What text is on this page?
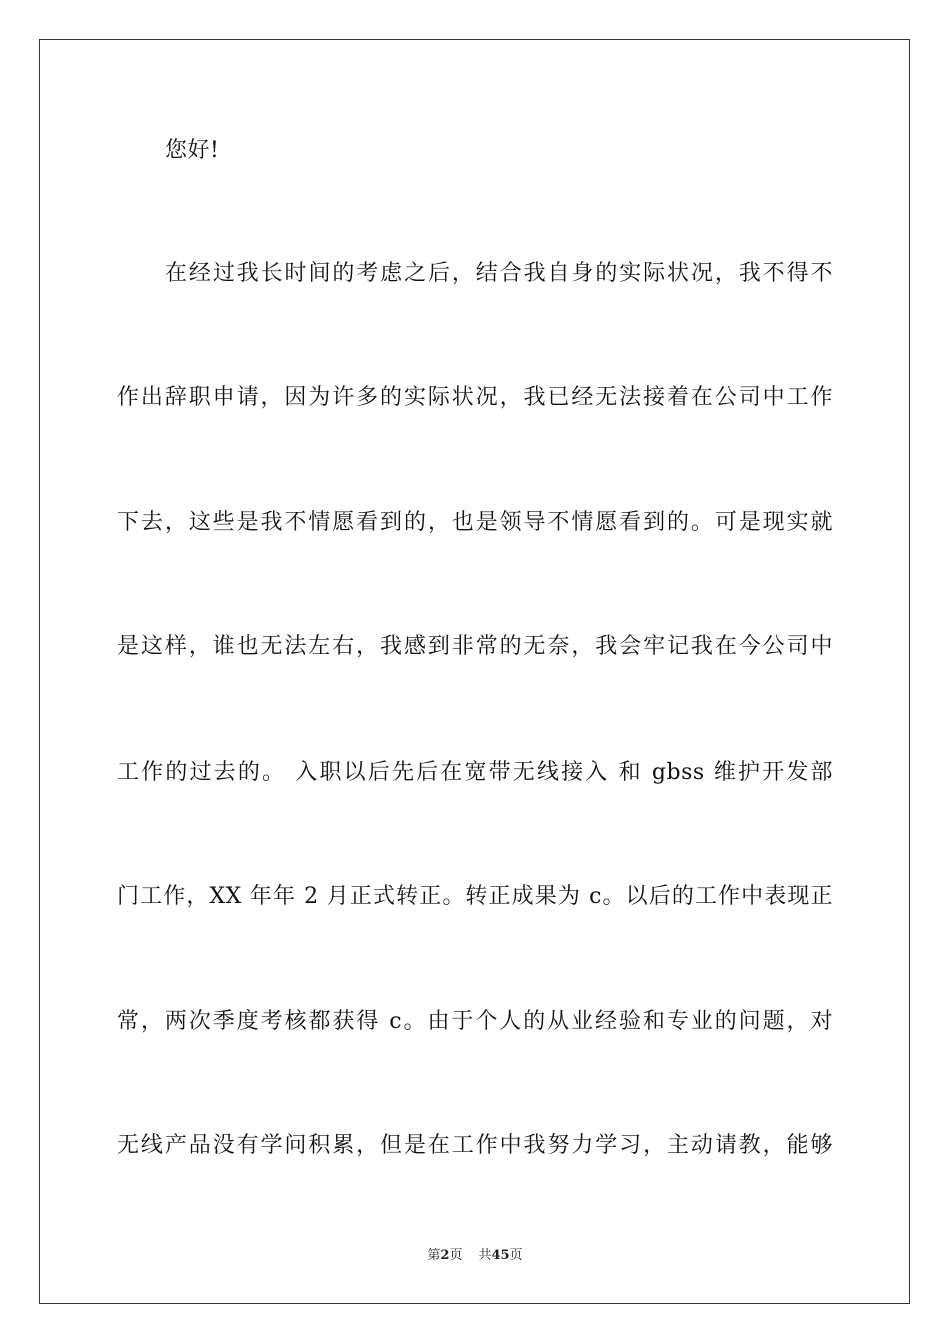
您好!
在经过我长时间的考虑之后，结合我自身的实际状况，我不得不
作出辞职申请，因为许多的实际状况，我已经无法接着在公司中工作
下去，这些是我不情愿看到的，也是领导不情愿看到的。可是现实就
是这样，谁也无法左右，我感到非常的无奈，我会牢记我在今公司中
工作的过去的。 入职以后先后在宽带无线接入 和 gbss 维护开发部
门工作，XX 年年 2 月正式转正。转正成果为 c。以后的工作中表现正
常，两次季度考核都获得 c。由于个人的从业经验和专业的问题，对
无线产品没有学问积累，但是在工作中我努力学习，主动请教，能够
第2页 共45页
